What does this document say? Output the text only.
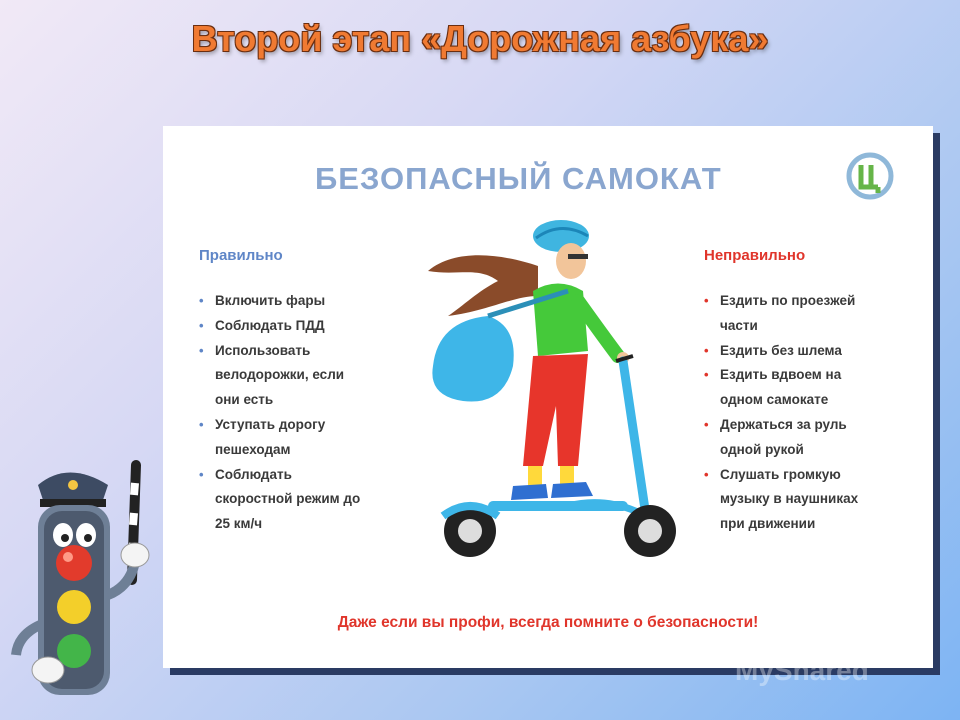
Второй этап «Дорожная азбука»
БЕЗОПАСНЫЙ САМОКАТ
Правильно
• Включить фары
• Соблюдать ПДД
• Использовать велодорожки, если они есть
• Уступать дорогу пешеходам
• Соблюдать скоростной режим до 25 км/ч
Неправильно
• Ездить по проезжей части
• Ездить без шлема
• Ездить вдвоем на одном самокате
• Держаться за руль одной рукой
• Слушать громкую музыку в наушниках при движении
Даже если вы профи, всегда помните о безопасности!
MyShared
